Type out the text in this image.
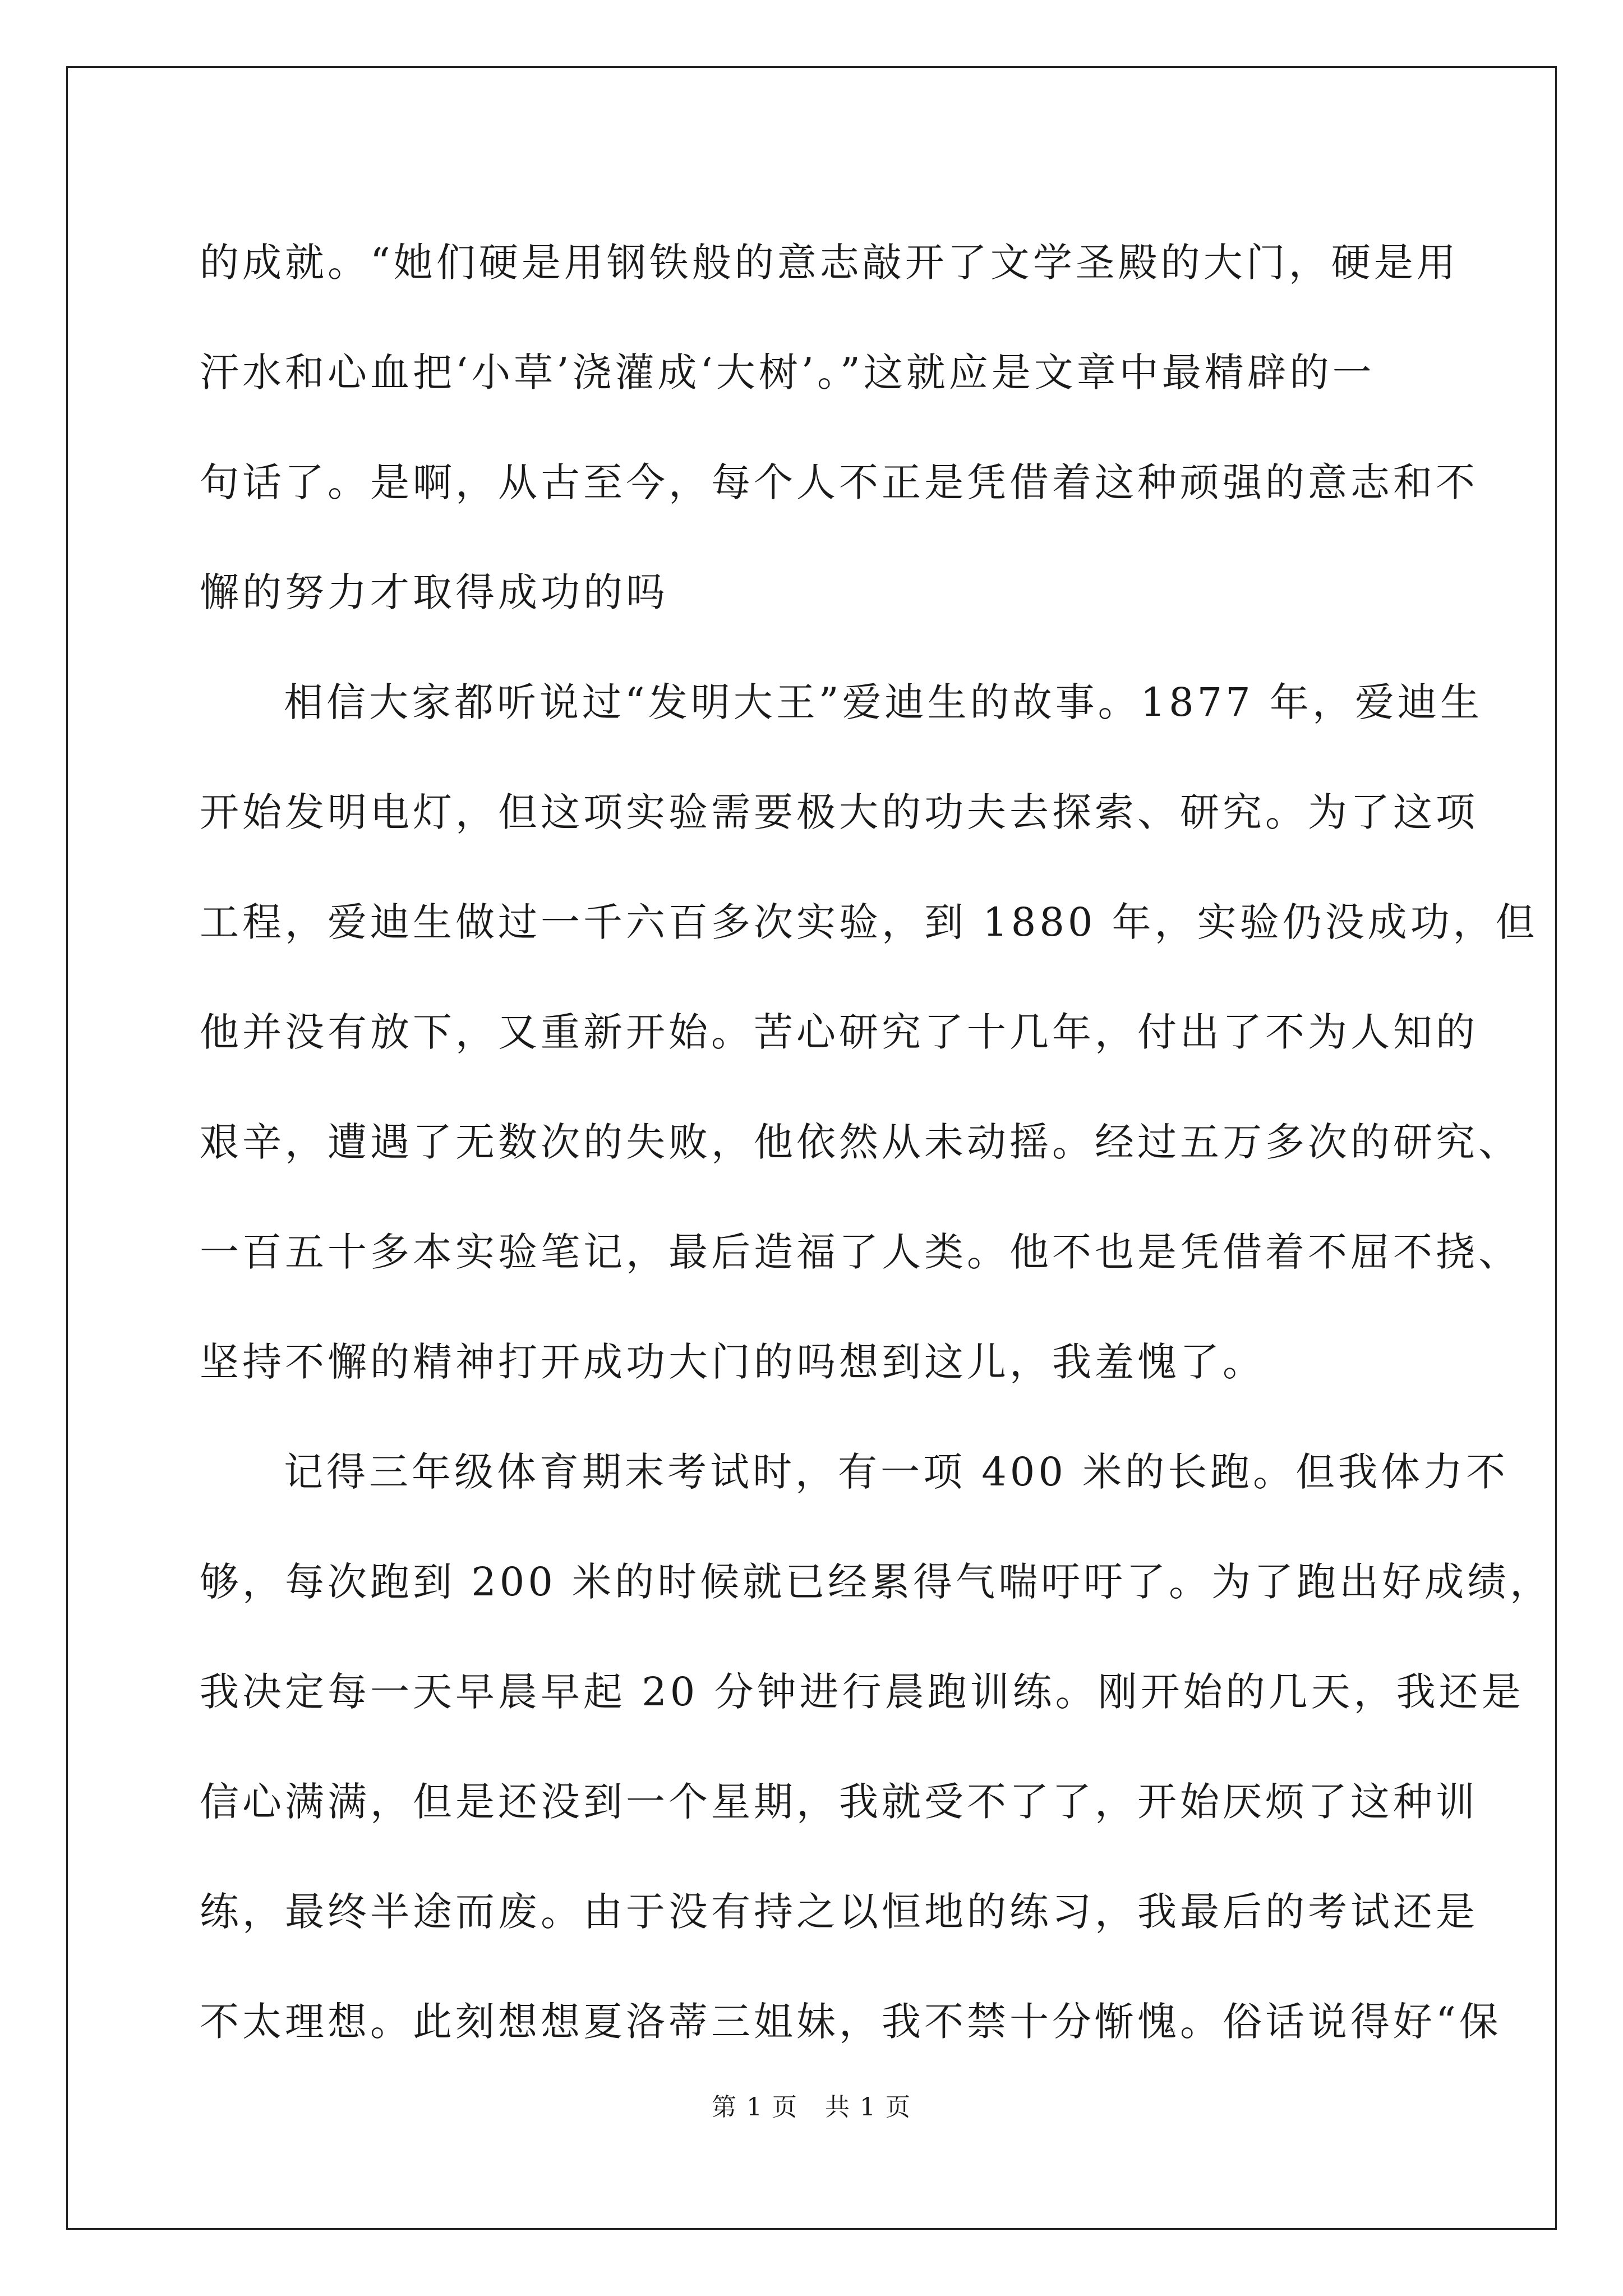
的成就。“她们硬是用钢铁般的意志敲开了文学圣殿的大门，硬是用
汗水和心血把‘小草’浇灌成‘大树’。”这就应是文章中最精辟的一
句话了。是啊，从古至今，每个人不正是凭借着这种顽强的意志和不
懈的努力才取得成功的吗
相信大家都听说过“发明大王”爱迪生的故事。1877 年，爱迪生
开始发明电灯，但这项实验需要极大的功夫去探索、研究。为了这项
工程，爱迪生做过一千六百多次实验，到 1880 年，实验仍没成功，但
他并没有放下，又重新开始。苦心研究了十几年，付出了不为人知的
艰辛，遭遇了无数次的失败，他依然从未动摇。经过五万多次的研究、
一百五十多本实验笔记，最后造福了人类。他不也是凭借着不屈不挠、
坚持不懈的精神打开成功大门的吗想到这儿，我羞愧了。
记得三年级体育期末考试时，有一项 400 米的长跑。但我体力不
够，每次跑到 200 米的时候就已经累得气喘吁吁了。为了跑出好成绩，
我决定每一天早晨早起 20 分钟进行晨跑训练。刚开始的几天，我还是
信心满满，但是还没到一个星期，我就受不了了，开始厌烦了这种训
练，最终半途而废。由于没有持之以恒地的练习，我最后的考试还是
不太理想。此刻想想夏洛蒂三姐妹，我不禁十分惭愧。俗话说得好“保
第 1 页 共 1 页
